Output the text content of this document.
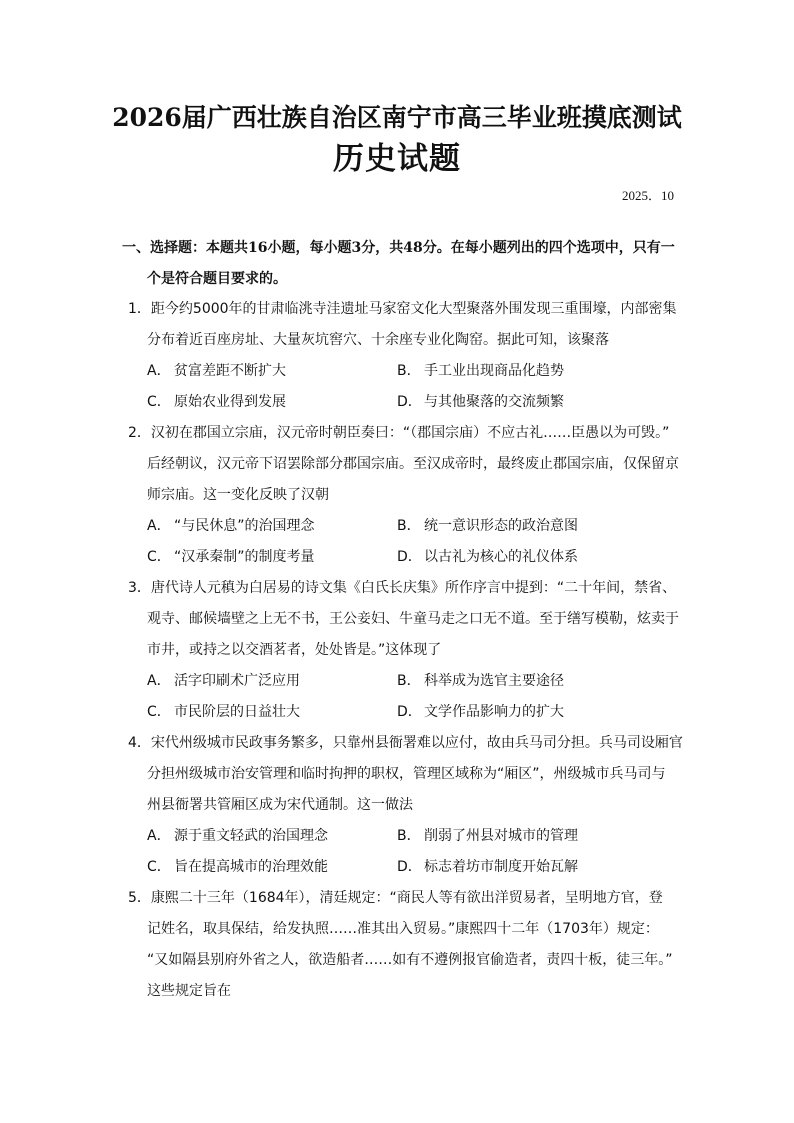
2026届广西壮族自治区南宁市高三毕业班摸底测试
历史试题
2025．10
一、选择题：本题共16小题，每小题3分，共48分。在每小题列出的四个选项中，只有一
个是符合题目要求的。
1．距今约5000年的甘肃临洮寺洼遗址马家窑文化大型聚落外围发现三重围壕，内部密集
分布着近百座房址、大量灰坑窖穴、十余座专业化陶窑。据此可知，该聚落
A． 贫富差距不断扩大	B． 手工业出现商品化趋势
C． 原始农业得到发展	D． 与其他聚落的交流频繁
2．汉初在郡国立宗庙，汉元帝时朝臣奏曰：“（郡国宗庙）不应古礼……臣愚以为可毁。”
后经朝议，汉元帝下诏罢除部分郡国宗庙。至汉成帝时，最终废止郡国宗庙，仅保留京
师宗庙。这一变化反映了汉朝
A． “与民休息”的治国理念	B． 统一意识形态的政治意图
C． “汉承秦制”的制度考量	D． 以古礼为核心的礼仪体系
3．唐代诗人元稹为白居易的诗文集《白氏长庆集》所作序言中提到：“二十年间，禁省、
观寺、邮候墙壁之上无不书，王公妾妇、牛童马走之口无不道。至于缮写模勒，炫卖于
市井，或持之以交酒茗者，处处皆是。”这体现了
A． 活字印刷术广泛应用	B． 科举成为选官主要途径
C． 市民阶层的日益壮大	D． 文学作品影响力的扩大
4．宋代州级城市民政事务繁多，只靠州县衙署难以应付，故由兵马司分担。兵马司设厢官
分担州级城市治安管理和临时拘押的职权，管理区域称为“厢区”，州级城市兵马司与
州县衙署共管厢区成为宋代通制。这一做法
A． 源于重文轻武的治国理念	B． 削弱了州县对城市的管理
C． 旨在提高城市的治理效能	D． 标志着坊市制度开始瓦解
5．康熙二十三年（1684年），清廷规定：“商民人等有欲出洋贸易者，呈明地方官，登
记姓名，取具保结，给发执照……准其出入贸易。”康熙四十二年（1703年）规定：
“又如隔县别府外省之人，欲造船者……如有不遵例报官偷造者，责四十板，徒三年。”
这些规定旨在
